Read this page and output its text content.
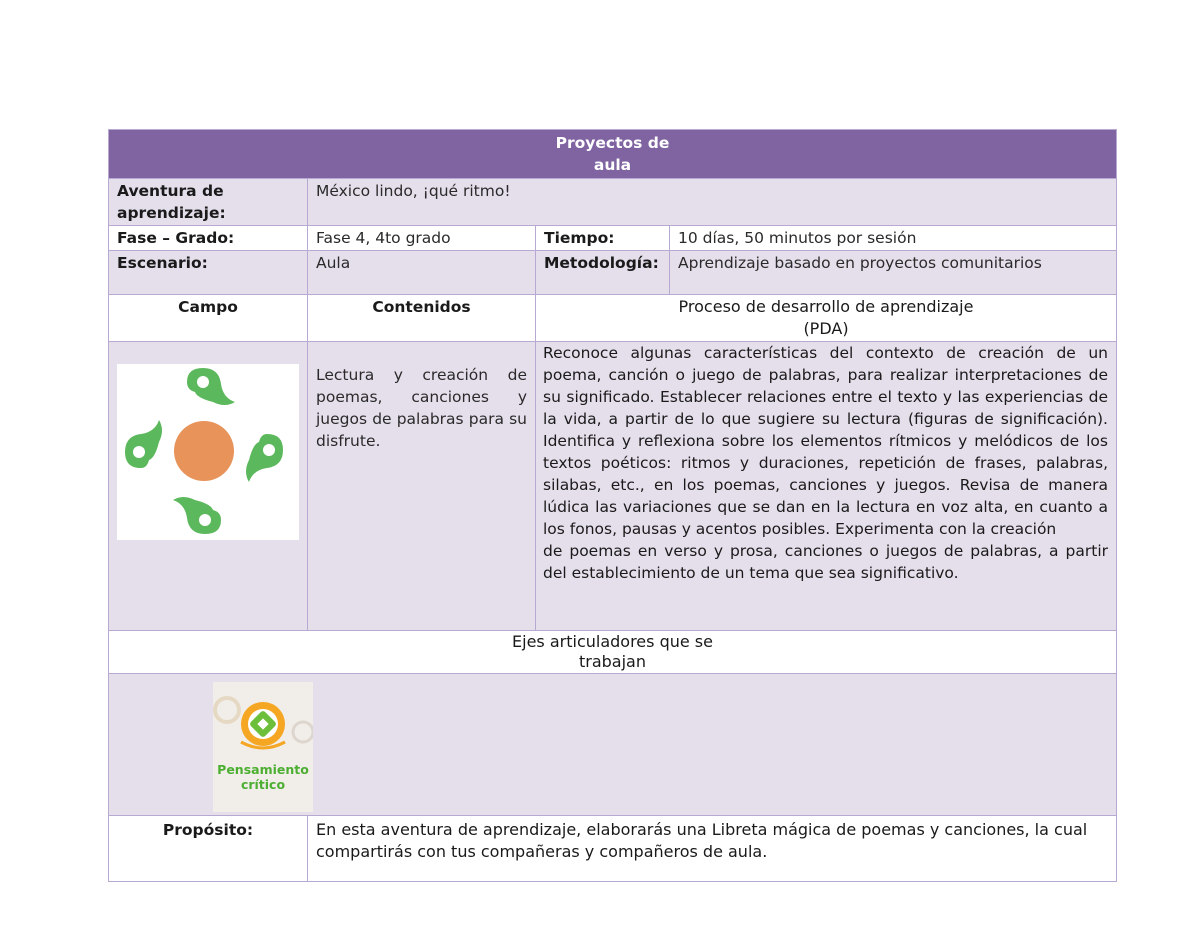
Proyectos de
aula			

Aventura de aprendizaje:	México lindo, ¡qué ritmo!		
Fase – Grado:	Fase 4, 4to grado	Tiempo:	10 días, 50 minutos por sesión
Escenario:	Aula	Metodología:	Aprendizaje basado en proyectos comunitarios
Campo	Contenidos	Proceso de desarrollo de aprendizaje
(PDA)	

	Lectura y creación de poemas, canciones y juegos de palabras para su disfrute.	Reconoce algunas características del contexto de creación de un poema, canción o juego de palabras, para realizar interpretaciones de su significado. Establecer relaciones entre el texto y las experiencias de la vida, a partir de lo que sugiere su lectura (figuras de significación). Identifica y reflexiona sobre los elementos rítmicos y melódicos de los textos poéticos: ritmos y duraciones, repetición de frases, palabras, silabas, etc., en los poemas, canciones y juegos. Revisa de manera lúdica las variaciones que se dan en la lectura en voz alta, en cuanto a los fonos, pausas y acentos posibles. Experimenta con la creación
de poemas en verso y prosa, canciones o juegos de palabras, a partir del establecimiento de un tema que sea significativo.	

Ejes articuladores que se
trabajan			

Pensamiento
crítico			

Propósito:	En esta aventura de aprendizaje, elaborarás una Libreta mágica de poemas y canciones, la cual compartirás con tus compañeras y compañeros de aula.		
